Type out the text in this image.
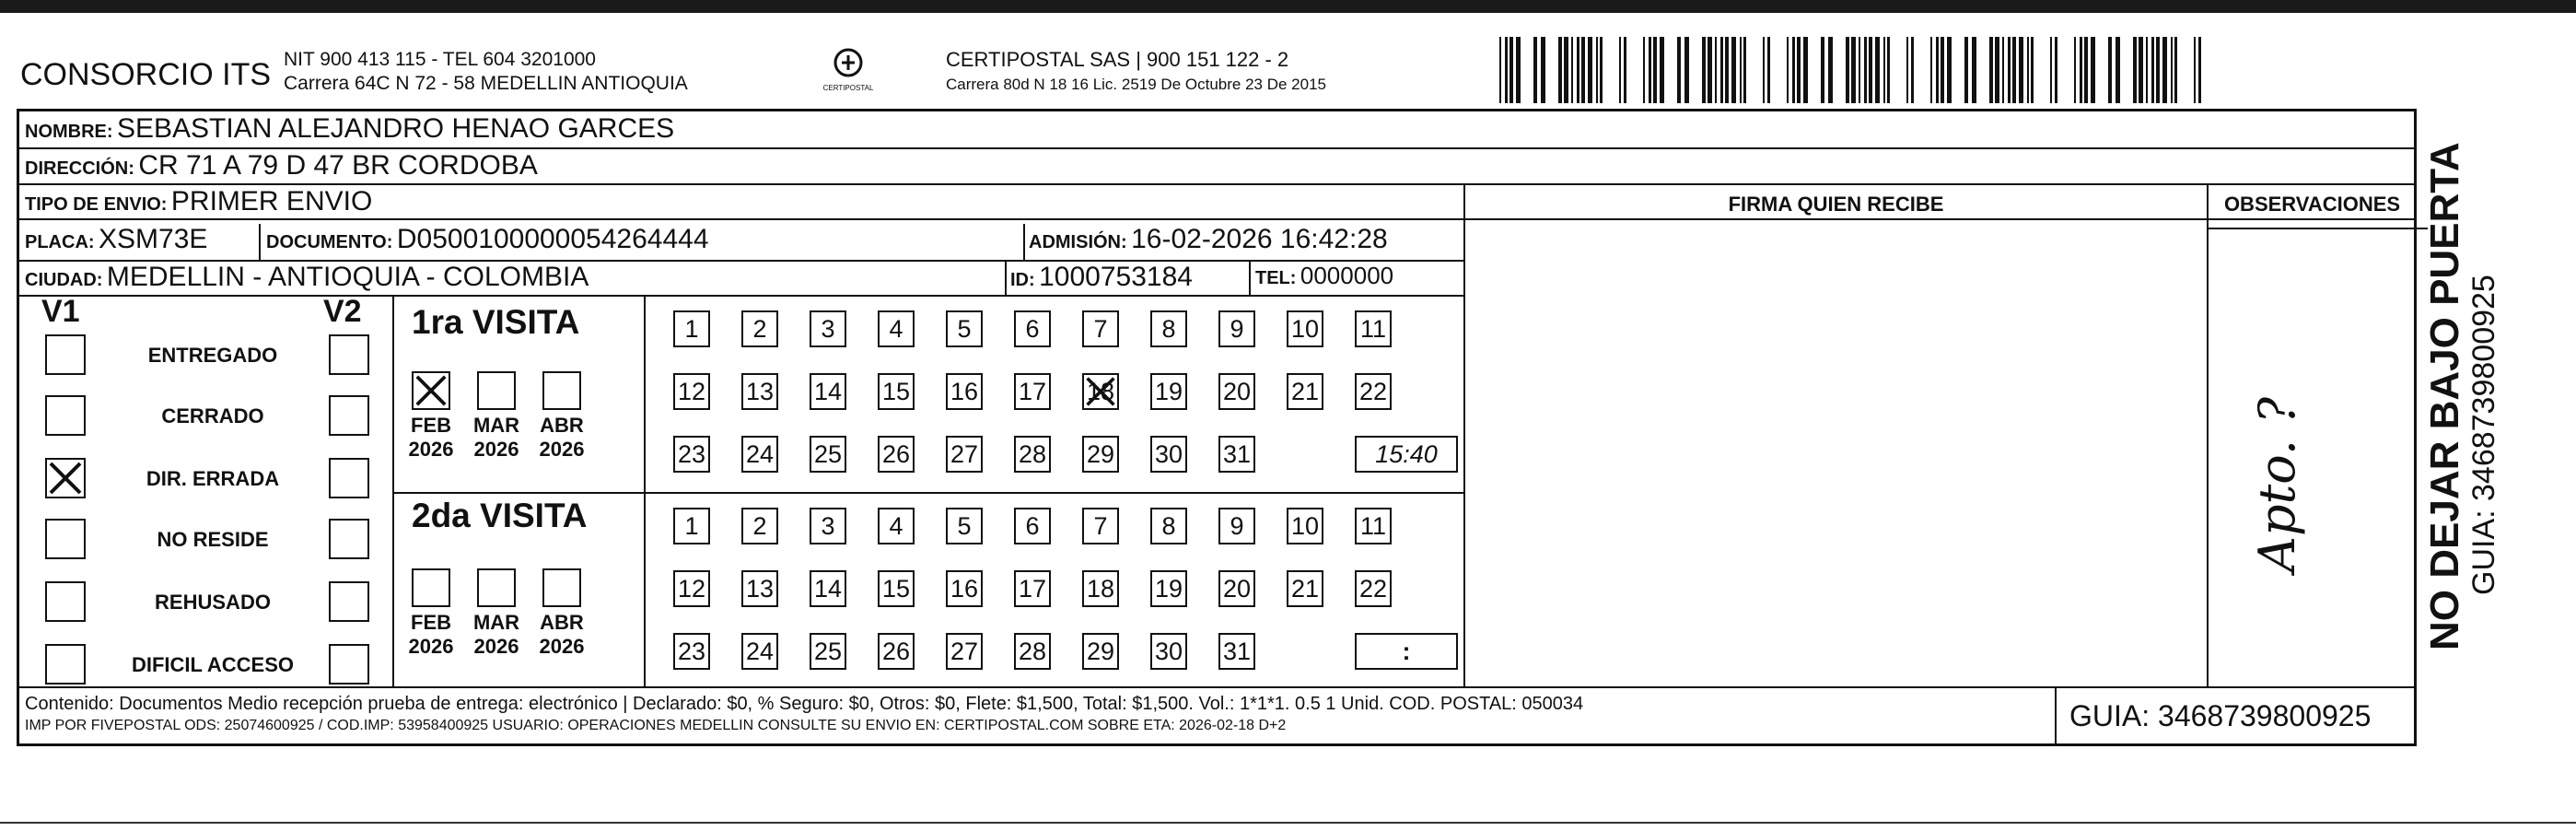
CONSORCIO ITS NIT 900 413 115 - TEL 604 3201000
Carrera 64C N 72 - 58 MEDELLIN ANTIOQUIA	CERTIPOSTAL
CERTIPOSTAL SAS | 900 151 122 - 2
Carrera 80d N 18 16 Lic. 2519 De Octubre 23 De 2015
NOMBRE: SEBASTIAN ALEJANDRO HENAO GARCES
DIRECCIÓN: CR 71 A 79 D 47 BR CORDOBA
TIPO DE ENVIO: PRIMER ENVIO	FIRMA QUIEN RECIBE	OBSERVACIONES
PLACA: XSM73E	DOCUMENTO: D0500100000054264444	ADMISIÓN: 16-02-2026 16:42:28
CIUDAD: MEDELLIN - ANTIOQUIA - COLOMBIA	ID: 1000753184	TEL: 0000000
V1	V2
ENTREGADO
CERRADO
DIR. ERRADA
NO RESIDE
REHUSADO
DIFICIL ACCESO
1ra VISITA
2da VISITA
FEB
2026
MAR
2026
ABR
2026
FEB
2026
MAR
2026
ABR
2026
1	2	3	4	5	6	7	8	9	10 11
12 13 14 15 16 17 18 19 20 21 22
23 24 25 26 27 28 29 30 31	15:40
1	2	3	4	5	6	7	8	9	10 11
12 13 14 15 16 17 18 19 20 21 22
23 24 25 26 27 28 29 30 31	:
Apto. ?
Contenido: Documentos Medio recepción prueba de entrega: electrónico | Declarado: $0, % Seguro: $0, Otros: $0, Flete: $1,500, Total: $1,500. Vol.: 1*1*1. 0.5 1 Unid. COD. POSTAL: 050034
IMP POR FIVEPOSTAL ODS: 25074600925 / COD.IMP: 53958400925 USUARIO: OPERACIONES MEDELLIN CONSULTE SU ENVIO EN: CERTIPOSTAL.COM SOBRE ETA: 2026-02-18 D+2	GUIA: 3468739800925
NO DEJAR BAJO PUERTA GUIA: 3468739800925
